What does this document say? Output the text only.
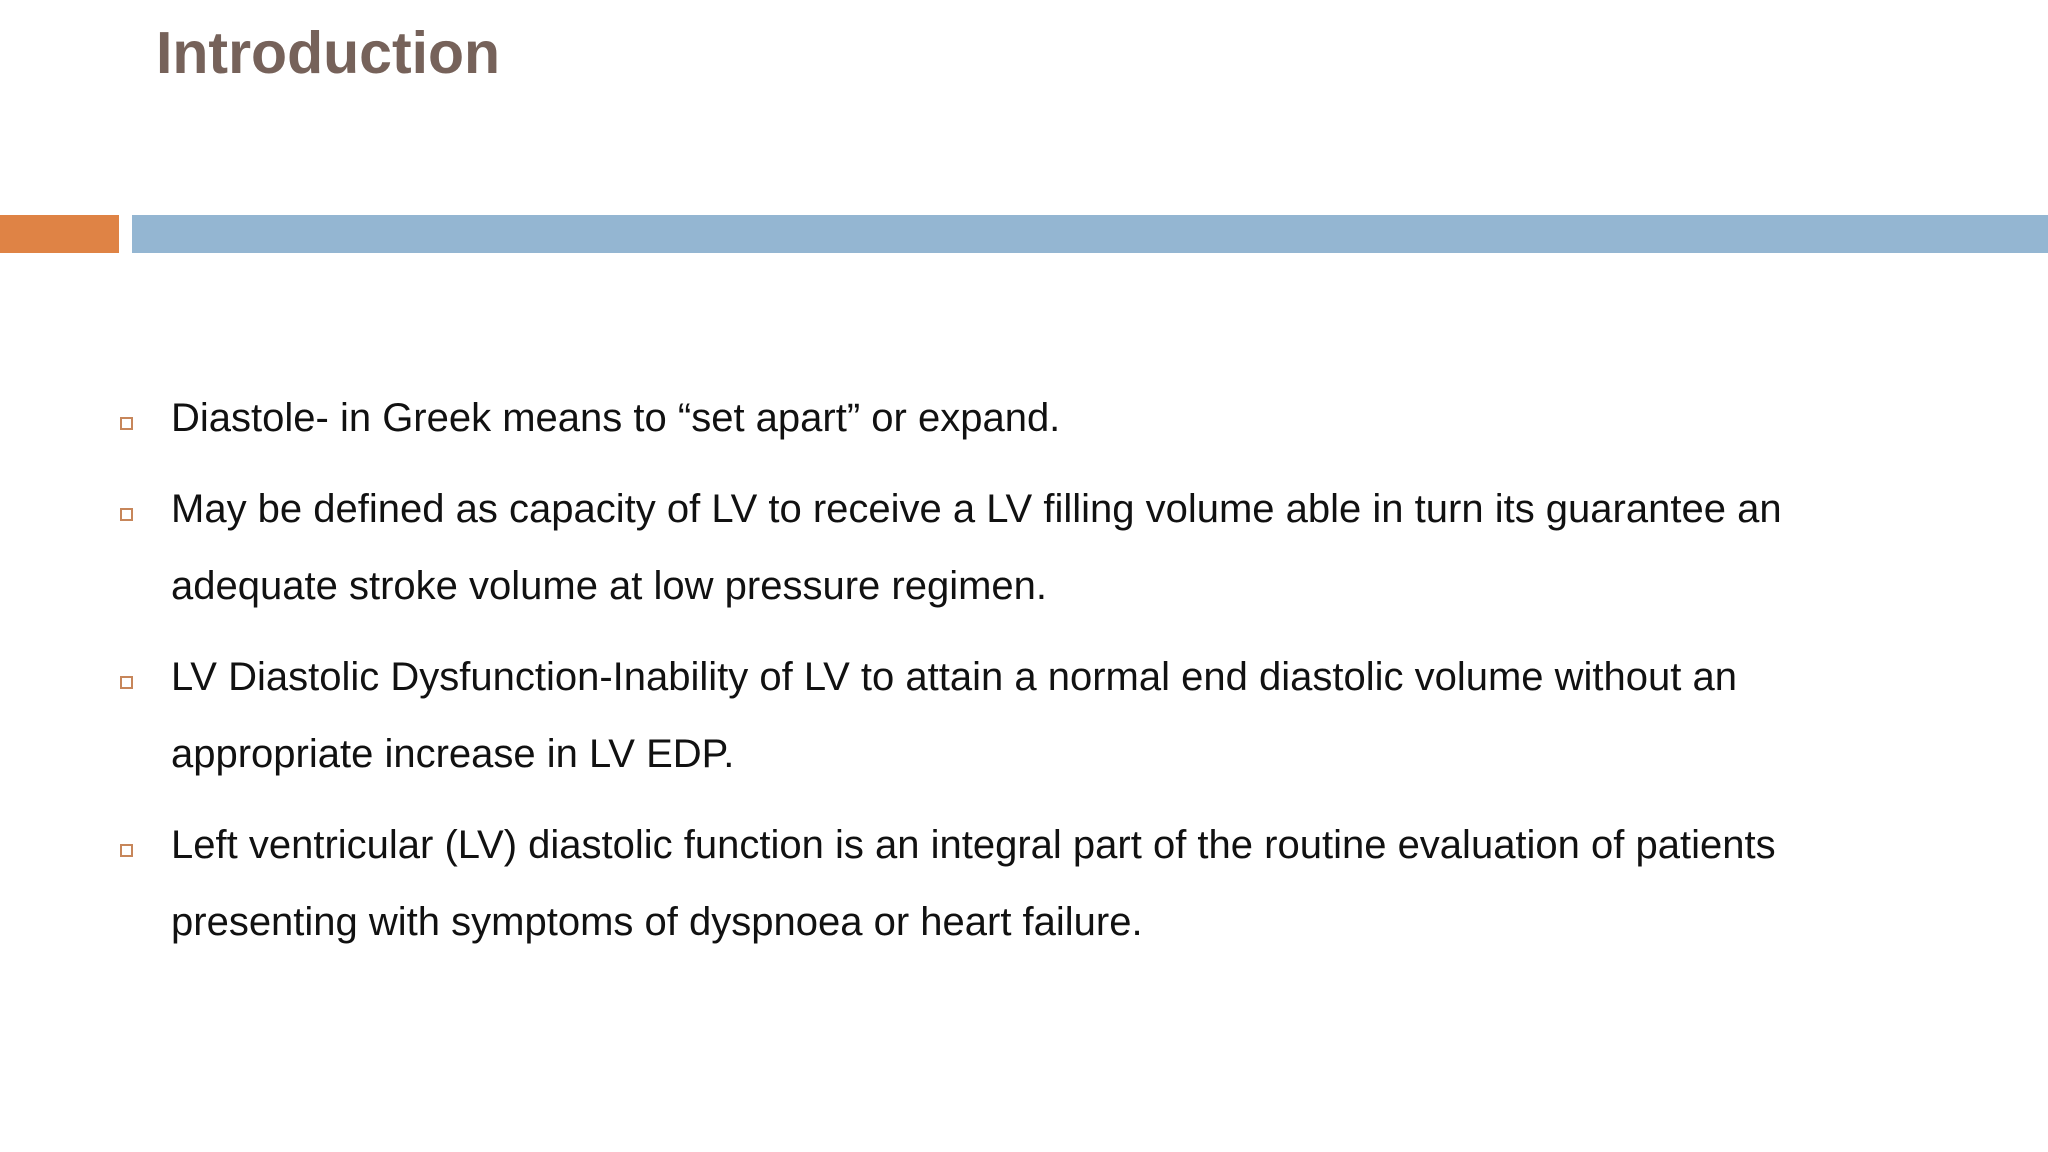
Introduction
Diastole- in Greek means to “set apart” or expand.
May be defined as capacity of LV to receive a LV filling volume able in turn its guarantee an adequate stroke volume at low pressure regimen.
LV Diastolic Dysfunction-Inability of LV to attain a normal end diastolic volume without an appropriate increase in LV EDP.
Left ventricular (LV) diastolic function is an integral part of the routine evaluation of patients presenting with symptoms of dyspnoea or heart failure.
